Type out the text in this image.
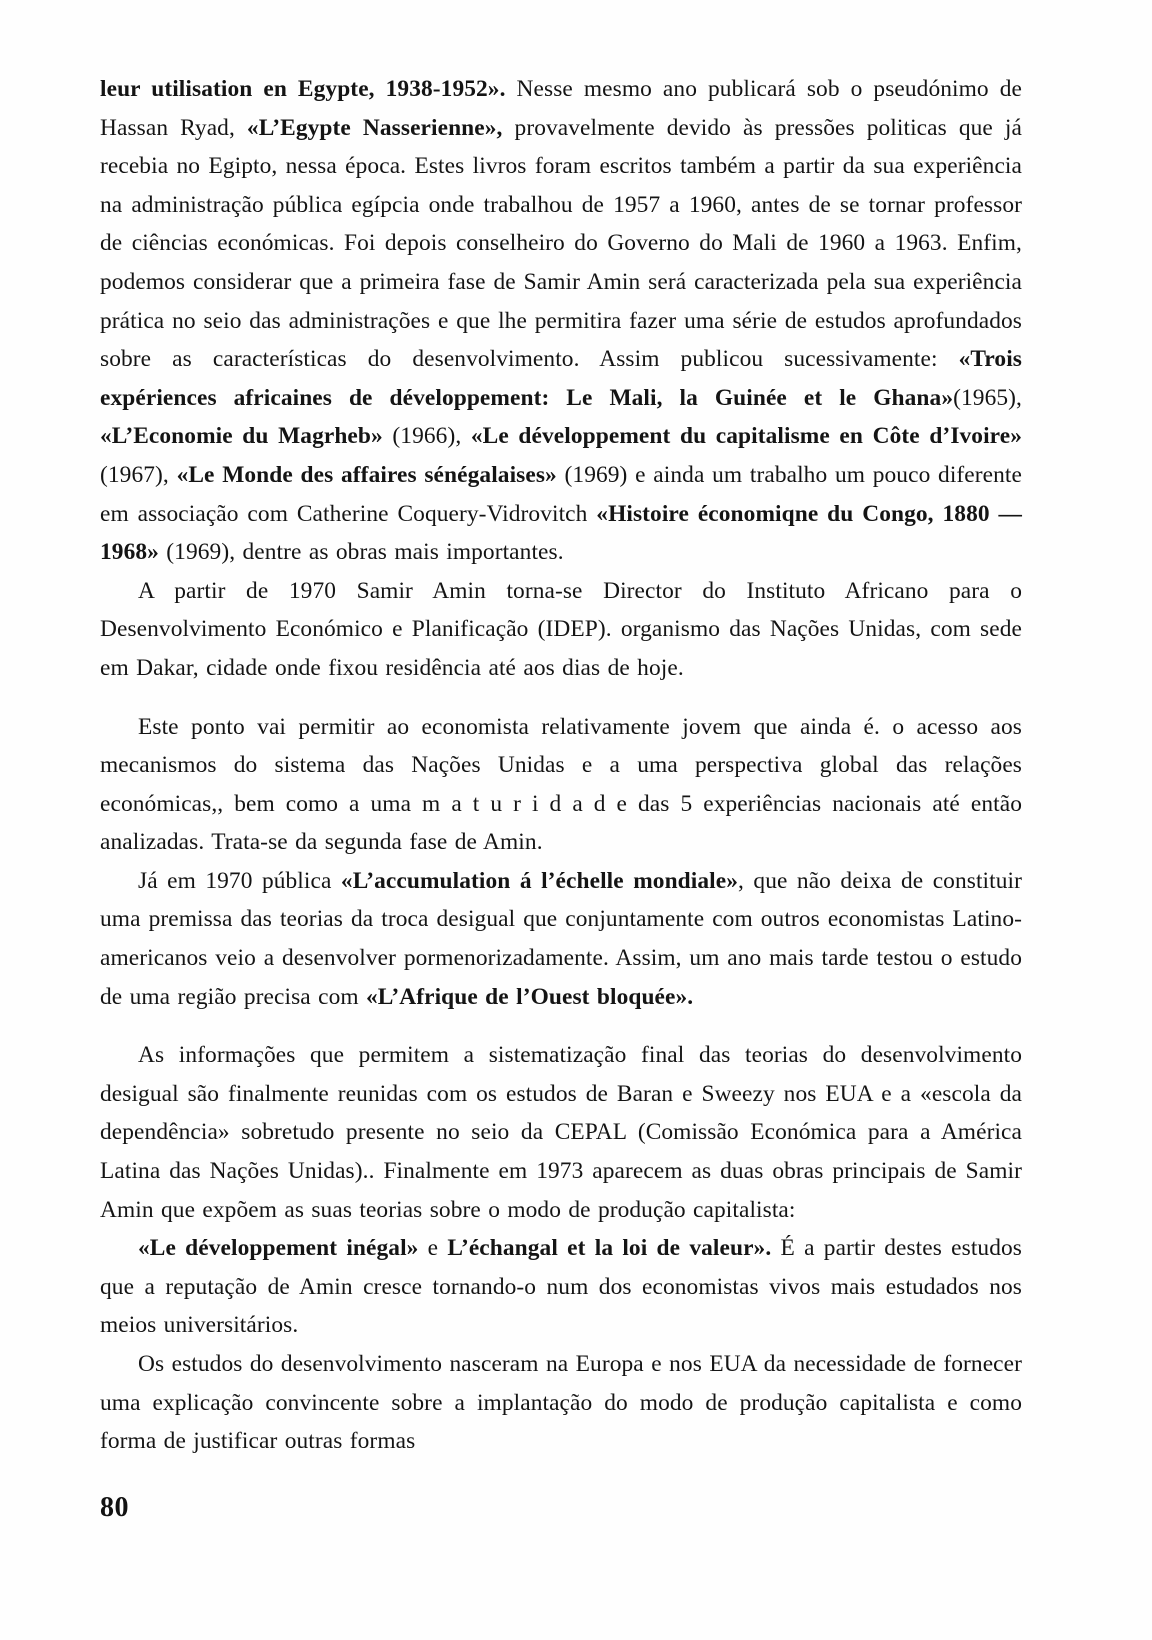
leur utilisation en Egypte, 1938-1952». Nesse mesmo ano publicará sob o pseudónimo de Hassan Ryad, «L’Egypte Nasserienne», provavelmente devido às pressões politicas que já recebia no Egipto, nessa época. Estes livros foram escritos também a partir da sua experiência na administração pública egípcia onde trabalhou de 1957 a 1960, antes de se tornar professor de ciências económicas. Foi depois conselheiro do Governo do Mali de 1960 a 1963. Enfim, podemos considerar que a primeira fase de Samir Amin será caracterizada pela sua experiência prática no seio das administrações e que lhe permitira fazer uma série de estudos aprofundados sobre as características do desenvolvimento. Assim publicou sucessivamente: «Trois expériences africaines de développement: Le Mali, la Guinée et le Ghana»(1965), «L’Economie du Magrheb» (1966), «Le développement du capitalisme en Côte d’Ivoire» (1967), «Le Monde des affaires sénégalaises» (1969) e ainda um trabalho um pouco diferente em associação com Catherine Coquery-Vidrovitch «Histoire économiqne du Congo, 1880 — 1968» (1969), dentre as obras mais importantes.

A partir de 1970 Samir Amin torna-se Director do Instituto Africano para o Desenvolvimento Económico e Planificação (IDEP). organismo das Nações Unidas, com sede em Dakar, cidade onde fixou residência até aos dias de hoje.

Este ponto vai permitir ao economista relativamente jovem que ainda é. o acesso aos mecanismos do sistema das Nações Unidas e a uma perspectiva global das relações económicas,, bem como a uma m a t u r i d a d e das 5 experiências nacionais até então analizadas. Trata-se da segunda fase de Amin.

Já em 1970 pública «L’accumulation á l’échelle mondiale», que não deixa de constituir uma premissa das teorias da troca desigual que conjuntamente com outros economistas Latino-americanos veio a desenvolver pormenorizadamente. Assim, um ano mais tarde testou o estudo de uma região precisa com «L’Afrique de l’Ouest bloquée».

As informações que permitem a sistematização final das teorias do desenvolvimento desigual são finalmente reunidas com os estudos de Baran e Sweezy nos EUA e a «escola da dependência» sobretudo presente no seio da CEPAL (Comissão Económica para a América Latina das Nações Unidas).. Finalmente em 1973 aparecem as duas obras principais de Samir Amin que expõem as suas teorias sobre o modo de produção capitalista:

«Le développement inégal» e L’échangal et la loi de valeur». É a partir destes estudos que a reputação de Amin cresce tornando-o num dos economistas vivos mais estudados nos meios universitários.

Os estudos do desenvolvimento nasceram na Europa e nos EUA da necessidade de fornecer uma explicação convincente sobre a implantação do modo de produção capitalista e como forma de justificar outras formas

80
